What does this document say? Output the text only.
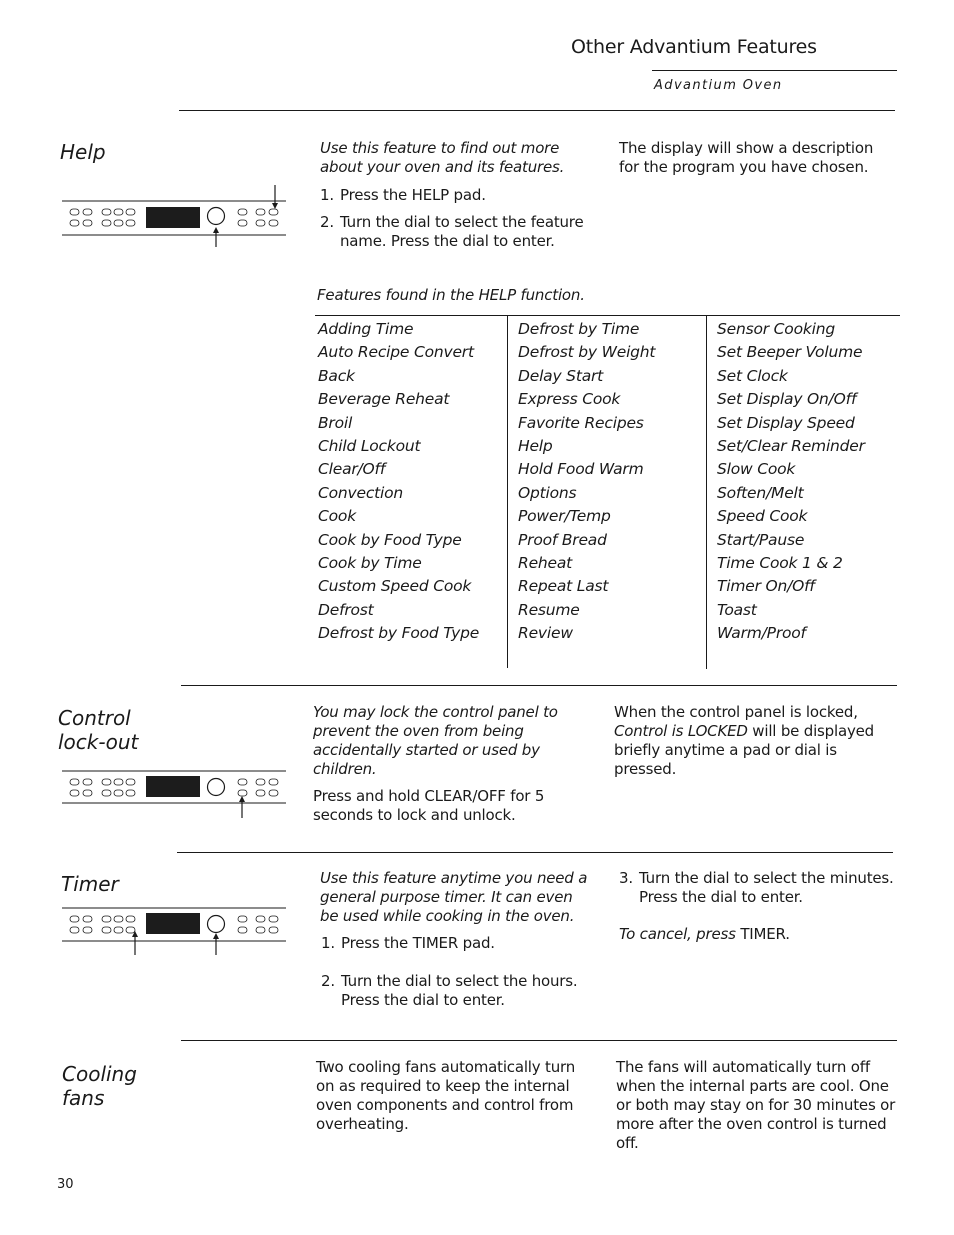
Other Advantium Features
Advantium Oven
Help	Use this feature to find out more about your oven and its features.
1. Press the HELP pad.
2. Turn the dial to select the feature name. Press the dial to enter.
The display will show a description for the program you have chosen.
Features found in the HELP function.
Adding Time
Auto Recipe Convert
Back
Beverage Reheat
Broil
Child Lockout
Clear/Off
Convection
Cook
Cook by Food Type
Cook by Time
Custom Speed Cook
Defrost
Defrost by Food Type
Defrost by Time
Defrost by Weight
Delay Start
Express Cook
Favorite Recipes
Help
Hold Food Warm
Options
Power/Temp
Proof Bread
Reheat
Repeat Last
Resume
Review
Sensor Cooking
Set Beeper Volume
Set Clock
Set Display On/Off
Set Display Speed
Set/Clear Reminder
Slow Cook
Soften/Melt
Speed Cook
Start/Pause
Time Cook 1 & 2
Timer On/Off
Toast
Warm/Proof
Control
lock-out
You may lock the control panel to prevent the oven from being accidentally started or used by children.
Press and hold CLEAR/OFF for 5 seconds to lock and unlock.
When the control panel is locked,
Control is LOCKED will be displayed briefly anytime a pad or dial is pressed.
Timer	Use this feature anytime you need a general purpose timer. It can even be used while cooking in the oven.
1. Press the TIMER pad.
2. Turn the dial to select the hours. Press the dial to enter.
3. Turn the dial to select the minutes. Press the dial to enter.
To cancel, press TIMER.
Cooling
fans
Two cooling fans automatically turn on as required to keep the internal oven components and control from overheating.
The fans will automatically turn off when the internal parts are cool. One or both may stay on for 30 minutes or more after the oven control is turned off.
30
